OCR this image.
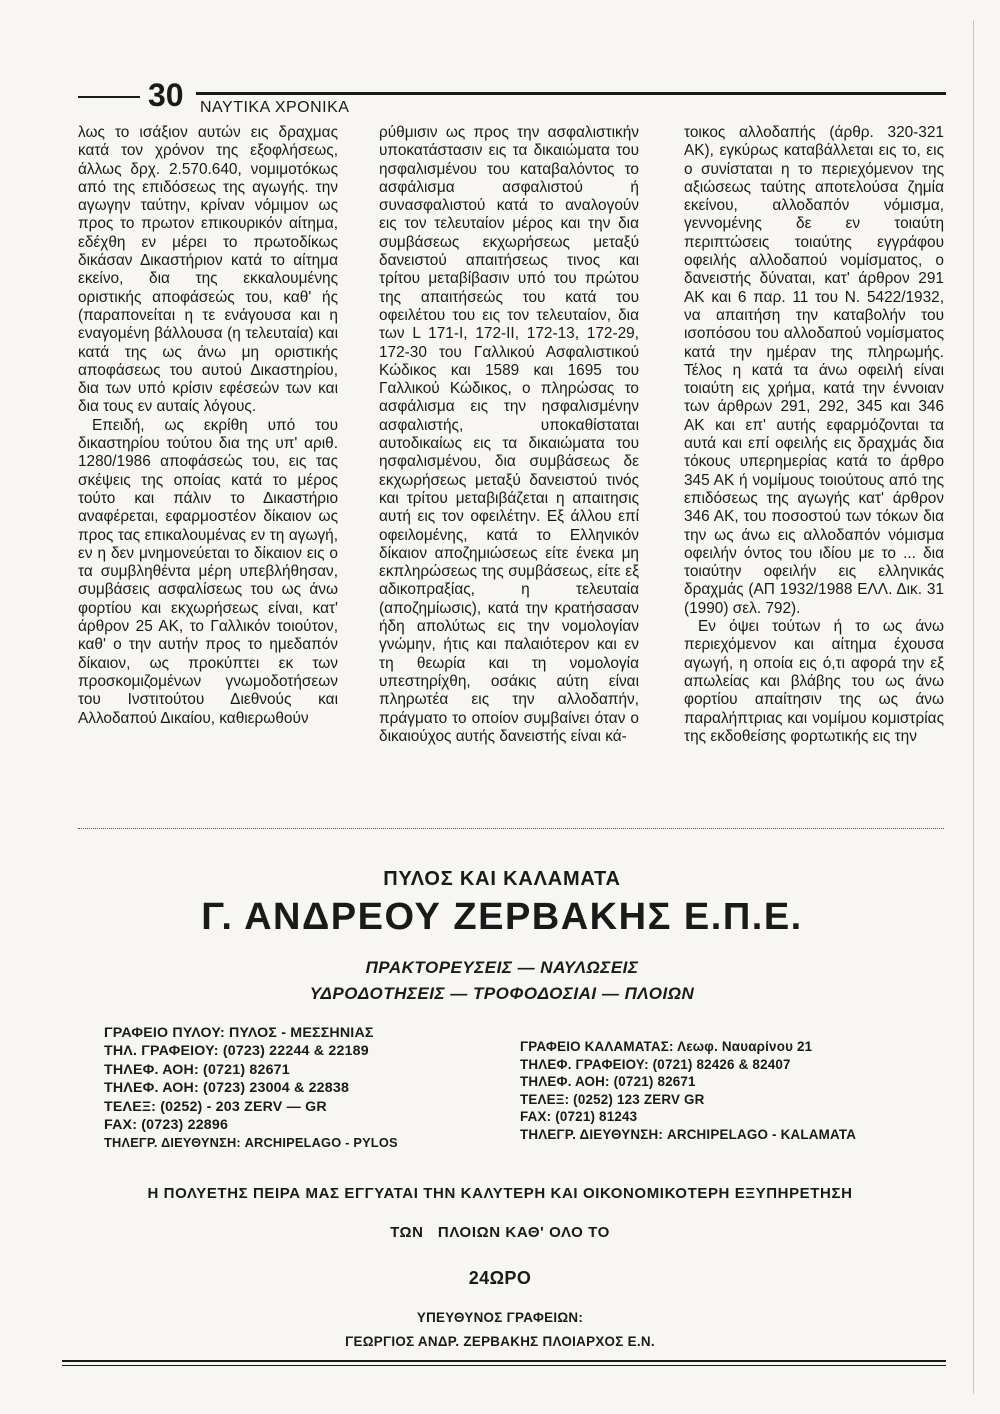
30 ΝΑΥΤΙΚΑ ΧΡΟΝΙΚΑ

λως το ισάξιον αυτών εις δραχμας κατά τον χρόνον της εξοφλήσεως, άλλως δρχ. 2.570.640, νομιμοτόκως από της επιδόσεως της αγωγής. την αγωγην ταύτην, κρίναν νόμιμον ως προς το πρωτον επικουρικόν αίτημα, εδέχθη εν μέρει το πρωτοδίκως δικάσαν Δικαστήριον κατά το αίτημα εκείνο, δια της εκκαλουμένης οριστικής αποφάσεώς του, καθ' ής (παραπονείται η τε ενάγουσα και η εναγομένη βάλλουσα (η τελευταία) και κατά της ως άνω μη οριστικής αποφάσεως του αυτού Δικαστηρίου, δια των υπό κρίσιν εφέσεών των και δια τους εν αυταίς λόγους.

Επειδή, ως εκρίθη υπό του δικαστηρίου τούτου δια της υπ' αριθ. 1280/1986 αποφάσεώς του, εις τας σκέψεις της οποίας κατά το μέρος τούτο και πάλιν το Δικαστήριο αναφέρεται, εφαρμοστέον δίκαιον ως προς τας επικαλουμένας εν τη αγωγή, εν η δεν μνημονεύεται το δίκαιον εις ο τα συμβληθέντα μέρη υπεβλήθησαν, συμβάσεις ασφαλίσεως του ως άνω φορτίου και εκχωρήσεως είναι, κατ' άρθρον 25 ΑΚ, το Γαλλικόν τοιούτον, καθ' ο την αυτήν προς το ημεδαπόν δίκαιον, ως προκύπτει εκ των προσκομιζομένων γνωμοδοτήσεων του Ινστιτούτου Διεθνούς και Αλλοδαπού Δικαίου, καθιερωθούν

ρύθμισιν ως προς την ασφαλιστικήν υποκατάστασιν εις τα δικαιώματα του ησφαλισμένου του καταβαλόντος το ασφάλισμα ασφαλιστού ή συνασφαλιστού κατά το αναλογούν εις τον τελευταίον μέρος και την δια συμβάσεως εκχωρήσεως μεταξύ δανειστού απαιτήσεως τινος και τρίτου μεταβίβασιν υπό του πρώτου της απαιτήσεώς του κατά του οφειλέτου του εις τον τελευταίον, δια των L 171-I, 172-II, 172-13, 172-29, 172-30 του Γαλλικού Ασφαλιστικού Κώδικος και 1589 και 1695 του Γαλλικού Κώδικος, ο πληρώσας το ασφάλισμα εις την ησφαλισμένην ασφαλιστής, υποκαθίσταται αυτοδικαίως εις τα δικαιώματα του ησφαλισμένου, δια συμβάσεως δε εκχωρήσεως μεταξύ δανειστού τινός και τρίτου μεταβιβάζεται η απαιτησις αυτή εις τον οφειλέτην. Εξ άλλου επί οφειλομένης, κατά το Ελληνικόν δίκαιον αποζημιώσεως είτε ένεκα μη εκπληρώσεως της συμβάσεως, είτε εξ αδικοπραξίας, η τελευταία (αποζημίωσις), κατά την κρατήσασαν ήδη απολύτως εις την νομολογίαν γνώμην, ήτις και παλαιότερον και εν τη θεωρία και τη νομολογία υπεστηρίχθη, οσάκις αύτη είναι πληρωτέα εις την αλλοδαπήν, πράγματο το οποίον συμβαίνει όταν ο δικαιούχος αυτής δανειστής είναι κά-

τοικος αλλοδαπής (άρθρ. 320-321 ΑΚ), εγκύρως καταβάλλεται εις το, εις ο συνίσταται η το περιεχόμενον της αξιώσεως ταύτης αποτελούσα ζημία εκείνου, αλλοδαπόν νόμισμα, γεννομένης δε εν τοιαύτη περιπτώσεις τοιαύτης εγγράφου οφειλής αλλοδαπού νομίσματος, ο δανειστής δύναται, κατ' άρθρον 291 ΑΚ και 6 παρ. 11 του Ν. 5422/1932, να απαιτήση την καταβολήν του ισοπόσου του αλλοδαπού νομίσματος κατά την ημέραν της πληρωμής. Τέλος η κατά τα άνω οφειλή είναι τοιαύτη εις χρήμα, κατά την έννοιαν των άρθρων 291, 292, 345 και 346 ΑΚ και επ' αυτής εφαρμόζονται τα αυτά και επί οφειλής εις δραχμάς δια τόκους υπερημερίας κατά το άρθρο 345 ΑΚ ή νομίμους τοιούτους από της επιδόσεως της αγωγής κατ' άρθρον 346 ΑΚ, του ποσοστού των τόκων δια την ως άνω εις αλλοδαπόν νόμισμα οφειλήν όντος του ιδίου με το ... δια τοιαύτην οφειλήν εις ελληνικάς δραχμάς (ΑΠ 1932/1988 ΕΛΛ. Δικ. 31 (1990) σελ. 792).

Εν όψει τούτων ή το ως άνω περιεχόμενον και αίτημα έχουσα αγωγή, η οποία εις ό,τι αφορά την εξ απωλείας και βλάβης του ως άνω φορτίου απαίτησιν της ως άνω παραλήπτριας και νομίμου κομιστρίας της εκδοθείσης φορτωτικής εις την

ΠΥΛΟΣ ΚΑΙ ΚΑΛΑΜΑΤΑ
Γ. ΑΝΔΡΕΟΥ ΖΕΡΒΑΚΗΣ Ε.Π.Ε.
ΠΡΑΚΤΟΡΕΥΣΕΙΣ — ΝΑΥΛΩΣΕΙΣ
ΥΔΡΟΔΟΤΗΣΕΙΣ — ΤΡΟΦΟΔΟΣΙΑΙ — ΠΛΟΙΩΝ
ΓΡΑΦΕΙΟ ΠΥΛΟΥ: ΠΥΛΟΣ - ΜΕΣΣΗΝΙΑΣ
ΤΗΛ. ΓΡΑΦΕΙΟΥ: (0723) 22244 & 22189
ΤΗΛΕΦ. ΑΟΗ: (0721) 82671
ΤΗΛΕΦ. ΑΟΗ: (0723) 23004 & 22838
ΤΕΛΕΞ: (0252) - 203 ZERV — GR
FAX: (0723) 22896
ΤΗΛΕΓΡ. ΔΙΕΥΘΥΝΣΗ: ARCHIPELAGO - PYLOS
ΓΡΑΦΕΙΟ ΚΑΛΑΜΑΤΑΣ: Λεωφ. Ναυαρίνου 21
ΤΗΛΕΦ. ΓΡΑΦΕΙΟΥ: (0721) 82426 & 82407
ΤΗΛΕΦ. ΑΟΗ: (0721) 82671
ΤΕΛΕΞ: (0252) 123 ZERV GR
FAX: (0721) 81243
ΤΗΛΕΓΡ. ΔΙΕΥΘΥΝΣΗ: ARCHIPELAGO - KALAMATA
Η ΠΟΛΥΕΤΗΣ ΠΕΙΡΑ ΜΑΣ ΕΓΓΥΑΤΑΙ ΤΗΝ ΚΑΛΥΤΕΡΗ ΚΑΙ ΟΙΚΟΝΟΜΙΚΟΤΕΡΗ ΕΞΥΠΗΡΕΤΗΣΗ
ΤΩΝ   ΠΛΟΙΩΝ ΚΑΘ' ΟΛΟ ΤΟ
24ΩΡΟ
ΥΠΕΥΘΥΝΟΣ ΓΡΑΦΕΙΩΝ:
ΓΕΩΡΓΙΟΣ ΑΝΔΡ. ΖΕΡΒΑΚΗΣ ΠΛΟΙΑΡΧΟΣ Ε.Ν.
